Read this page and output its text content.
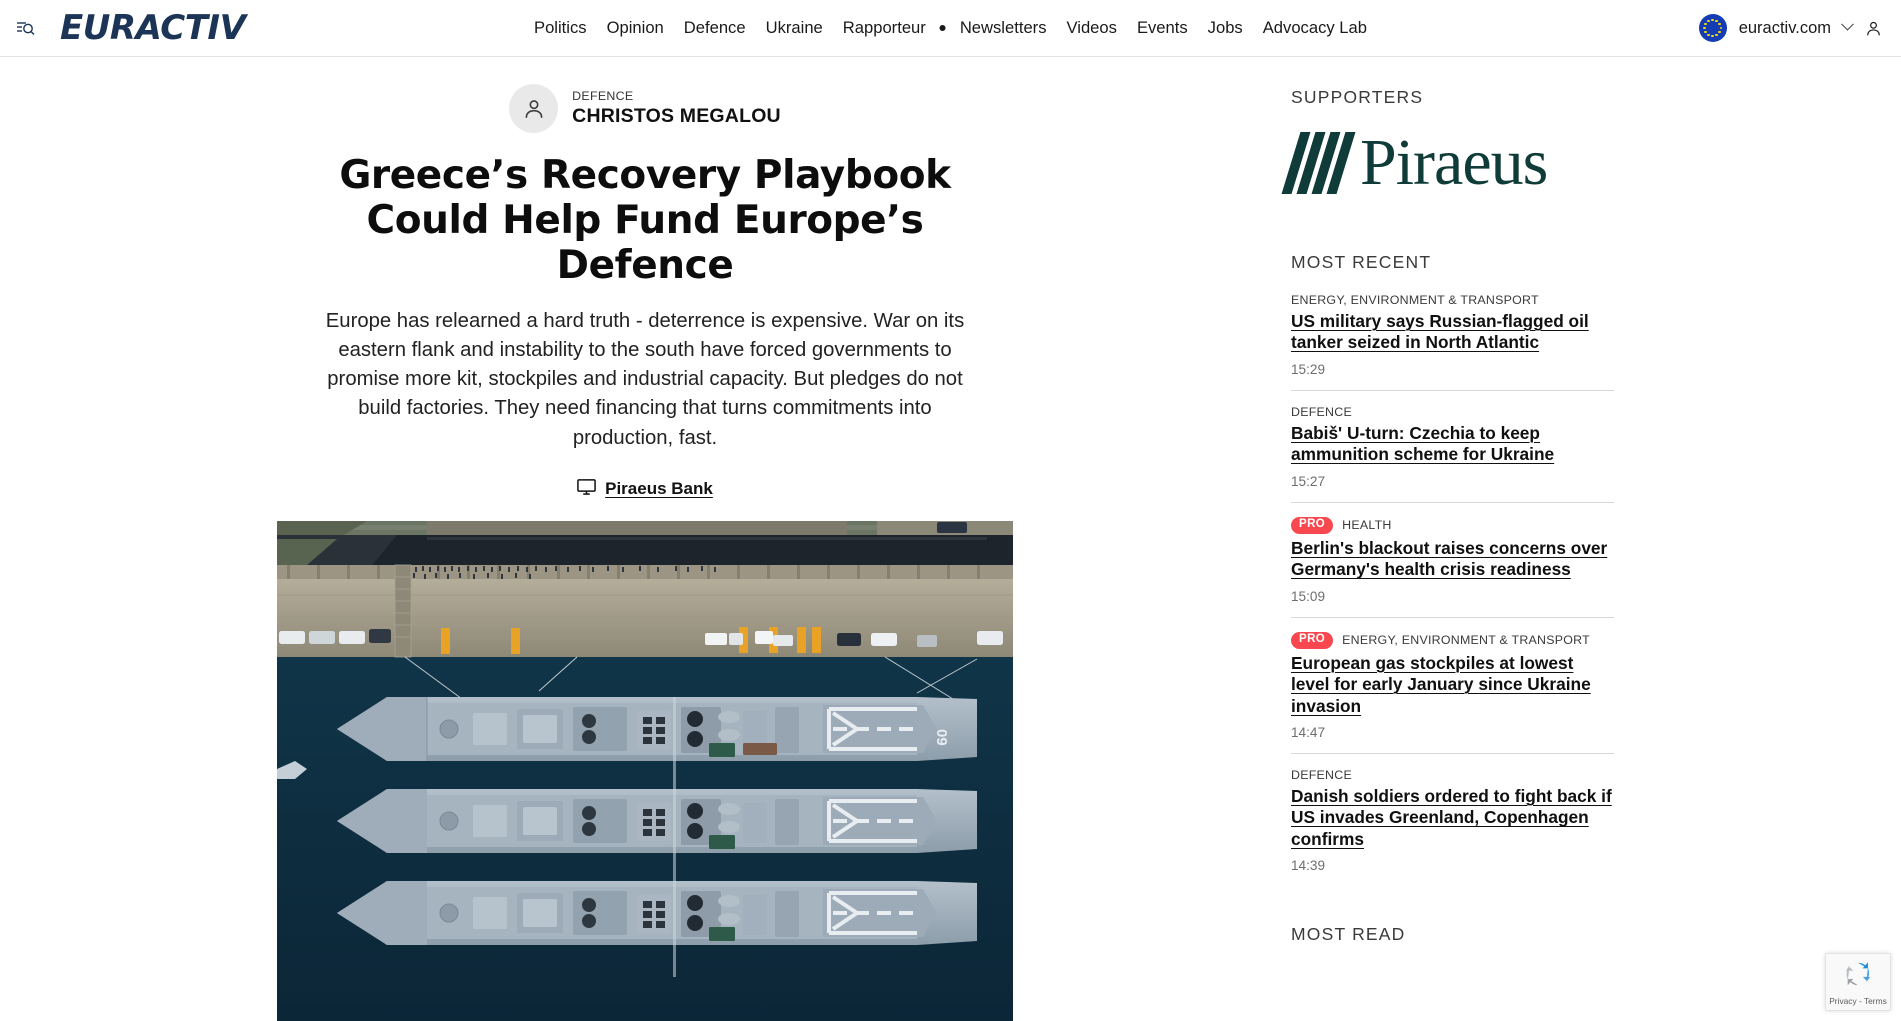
EURACTIV	Politics Opinion Defence Ukraine Rapporteur Newsletters Videos Events Jobs Advocacy Lab	euractiv.com
DEFENCE
CHRISTOS MEGALOU
Greece’s Recovery Playbook Could Help Fund Europe’s Defence

Europe has relearned a hard truth - deterrence is expensive. War on its eastern flank and instability to the south have forced governments to promise more kit, stockpiles and industrial capacity. But pledges do not build factories. They need financing that turns commitments into production, fast.

Piraeus Bank
09
SUPPORTERS
Piraeus
MOST RECENT
ENERGY, ENVIRONMENT & TRANSPORT
US military says Russian-flagged oil tanker seized in North Atlantic
15:29
DEFENCE
Babiš' U-turn: Czechia to keep ammunition scheme for Ukraine
15:27
PRO	HEALTH
Berlin's blackout raises concerns over Germany's health crisis readiness
15:09
PRO	ENERGY, ENVIRONMENT & TRANSPORT
European gas stockpiles at lowest level for early January since Ukraine invasion
14:47
DEFENCE
Danish soldiers ordered to fight back if US invades Greenland, Copenhagen confirms
14:39
MOST READ
Privacy - Terms
